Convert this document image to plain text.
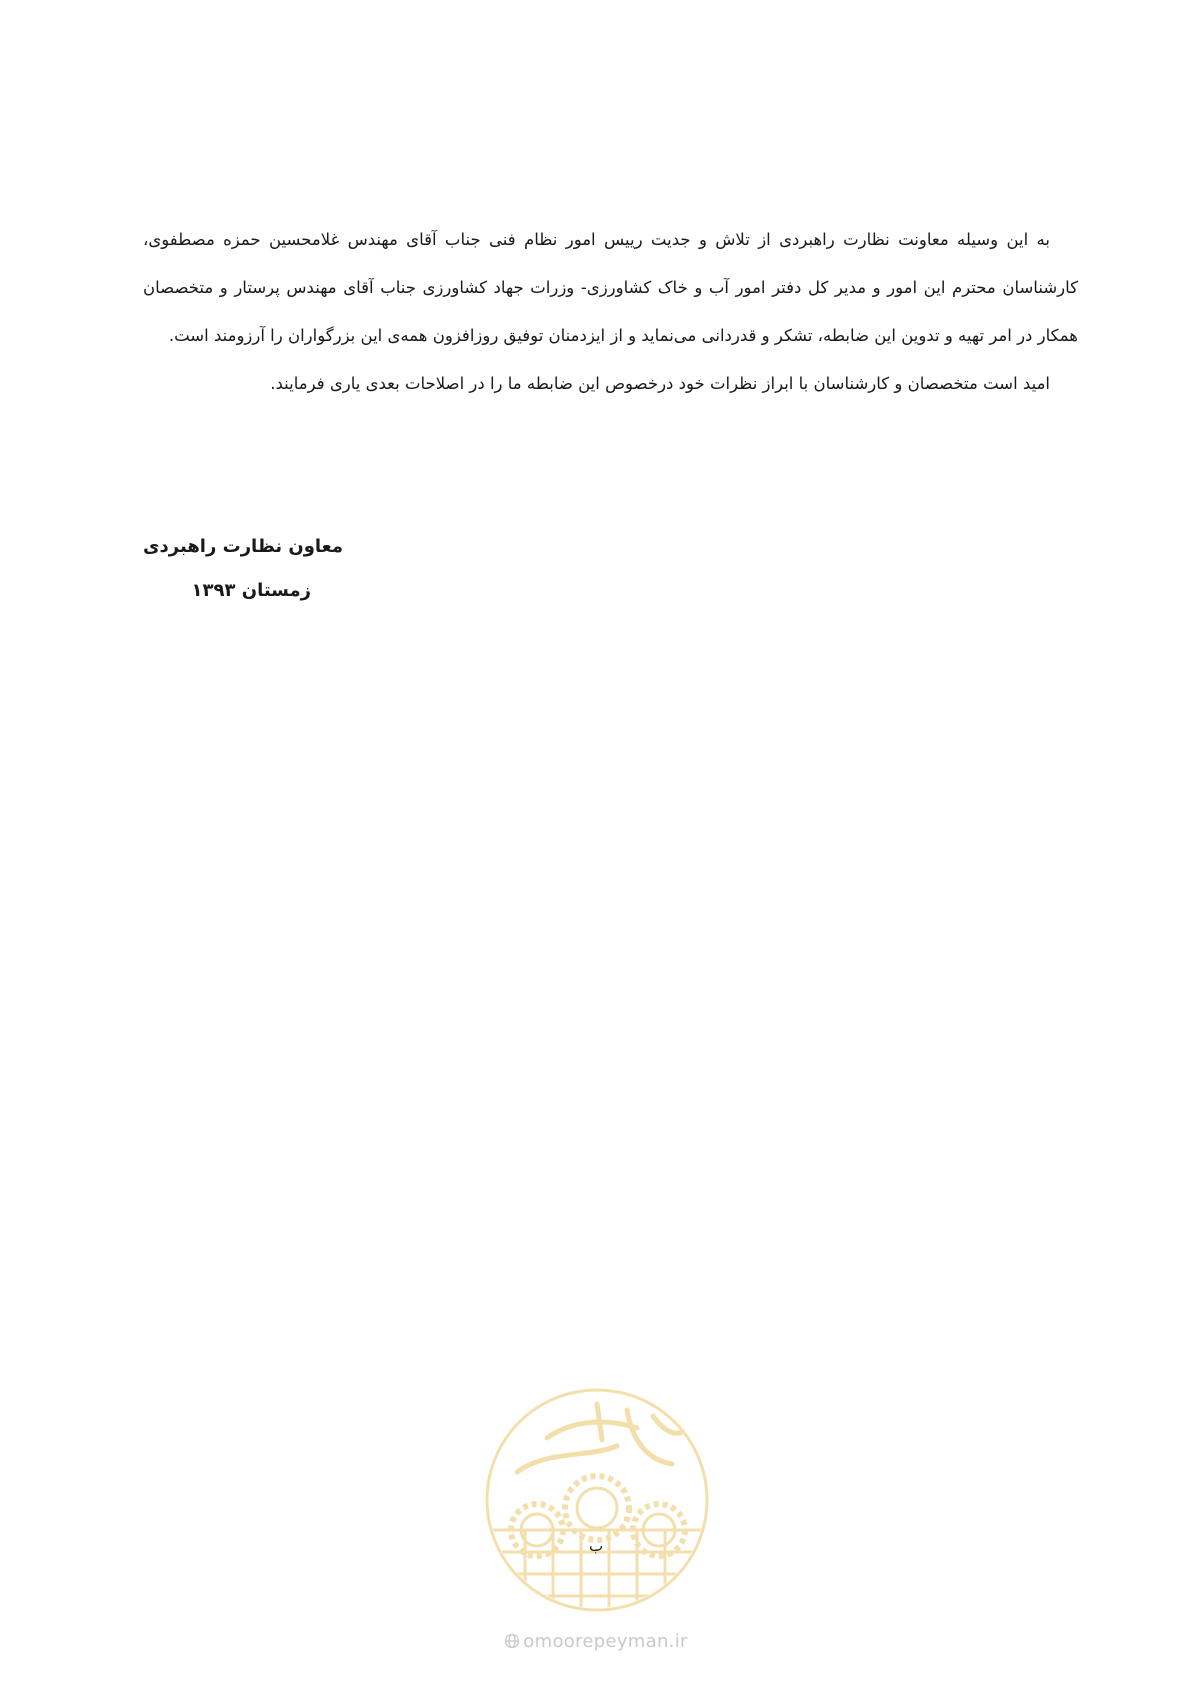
به این وسیله معاونت نظارت راهبردی از تلاش و جدیت رییس امور نظام فنی جناب آقای مهندس غلامحسین حمزه مصطفوی، کارشناسان محترم این امور و مدیر کل دفتر امور آب و خاک کشاورزی- وزرات جهاد کشاورزی جناب آقای مهندس پرستار و متخصصان همکار در امر تهیه و تدوین این ضابطه، تشکر و قدردانی می‌نماید و از ایزدمنان توفیق روزافزون همه‌ی این بزرگواران را آرزومند است.

امید است متخصصان و کارشناسان با ابراز نظرات خود درخصوص این ضابطه ما را در اصلاحات بعدی یاری فرمایند.

معاون نظارت راهبردی
زمستان ۱۳۹۳
ب
omoorepeyman.ir
